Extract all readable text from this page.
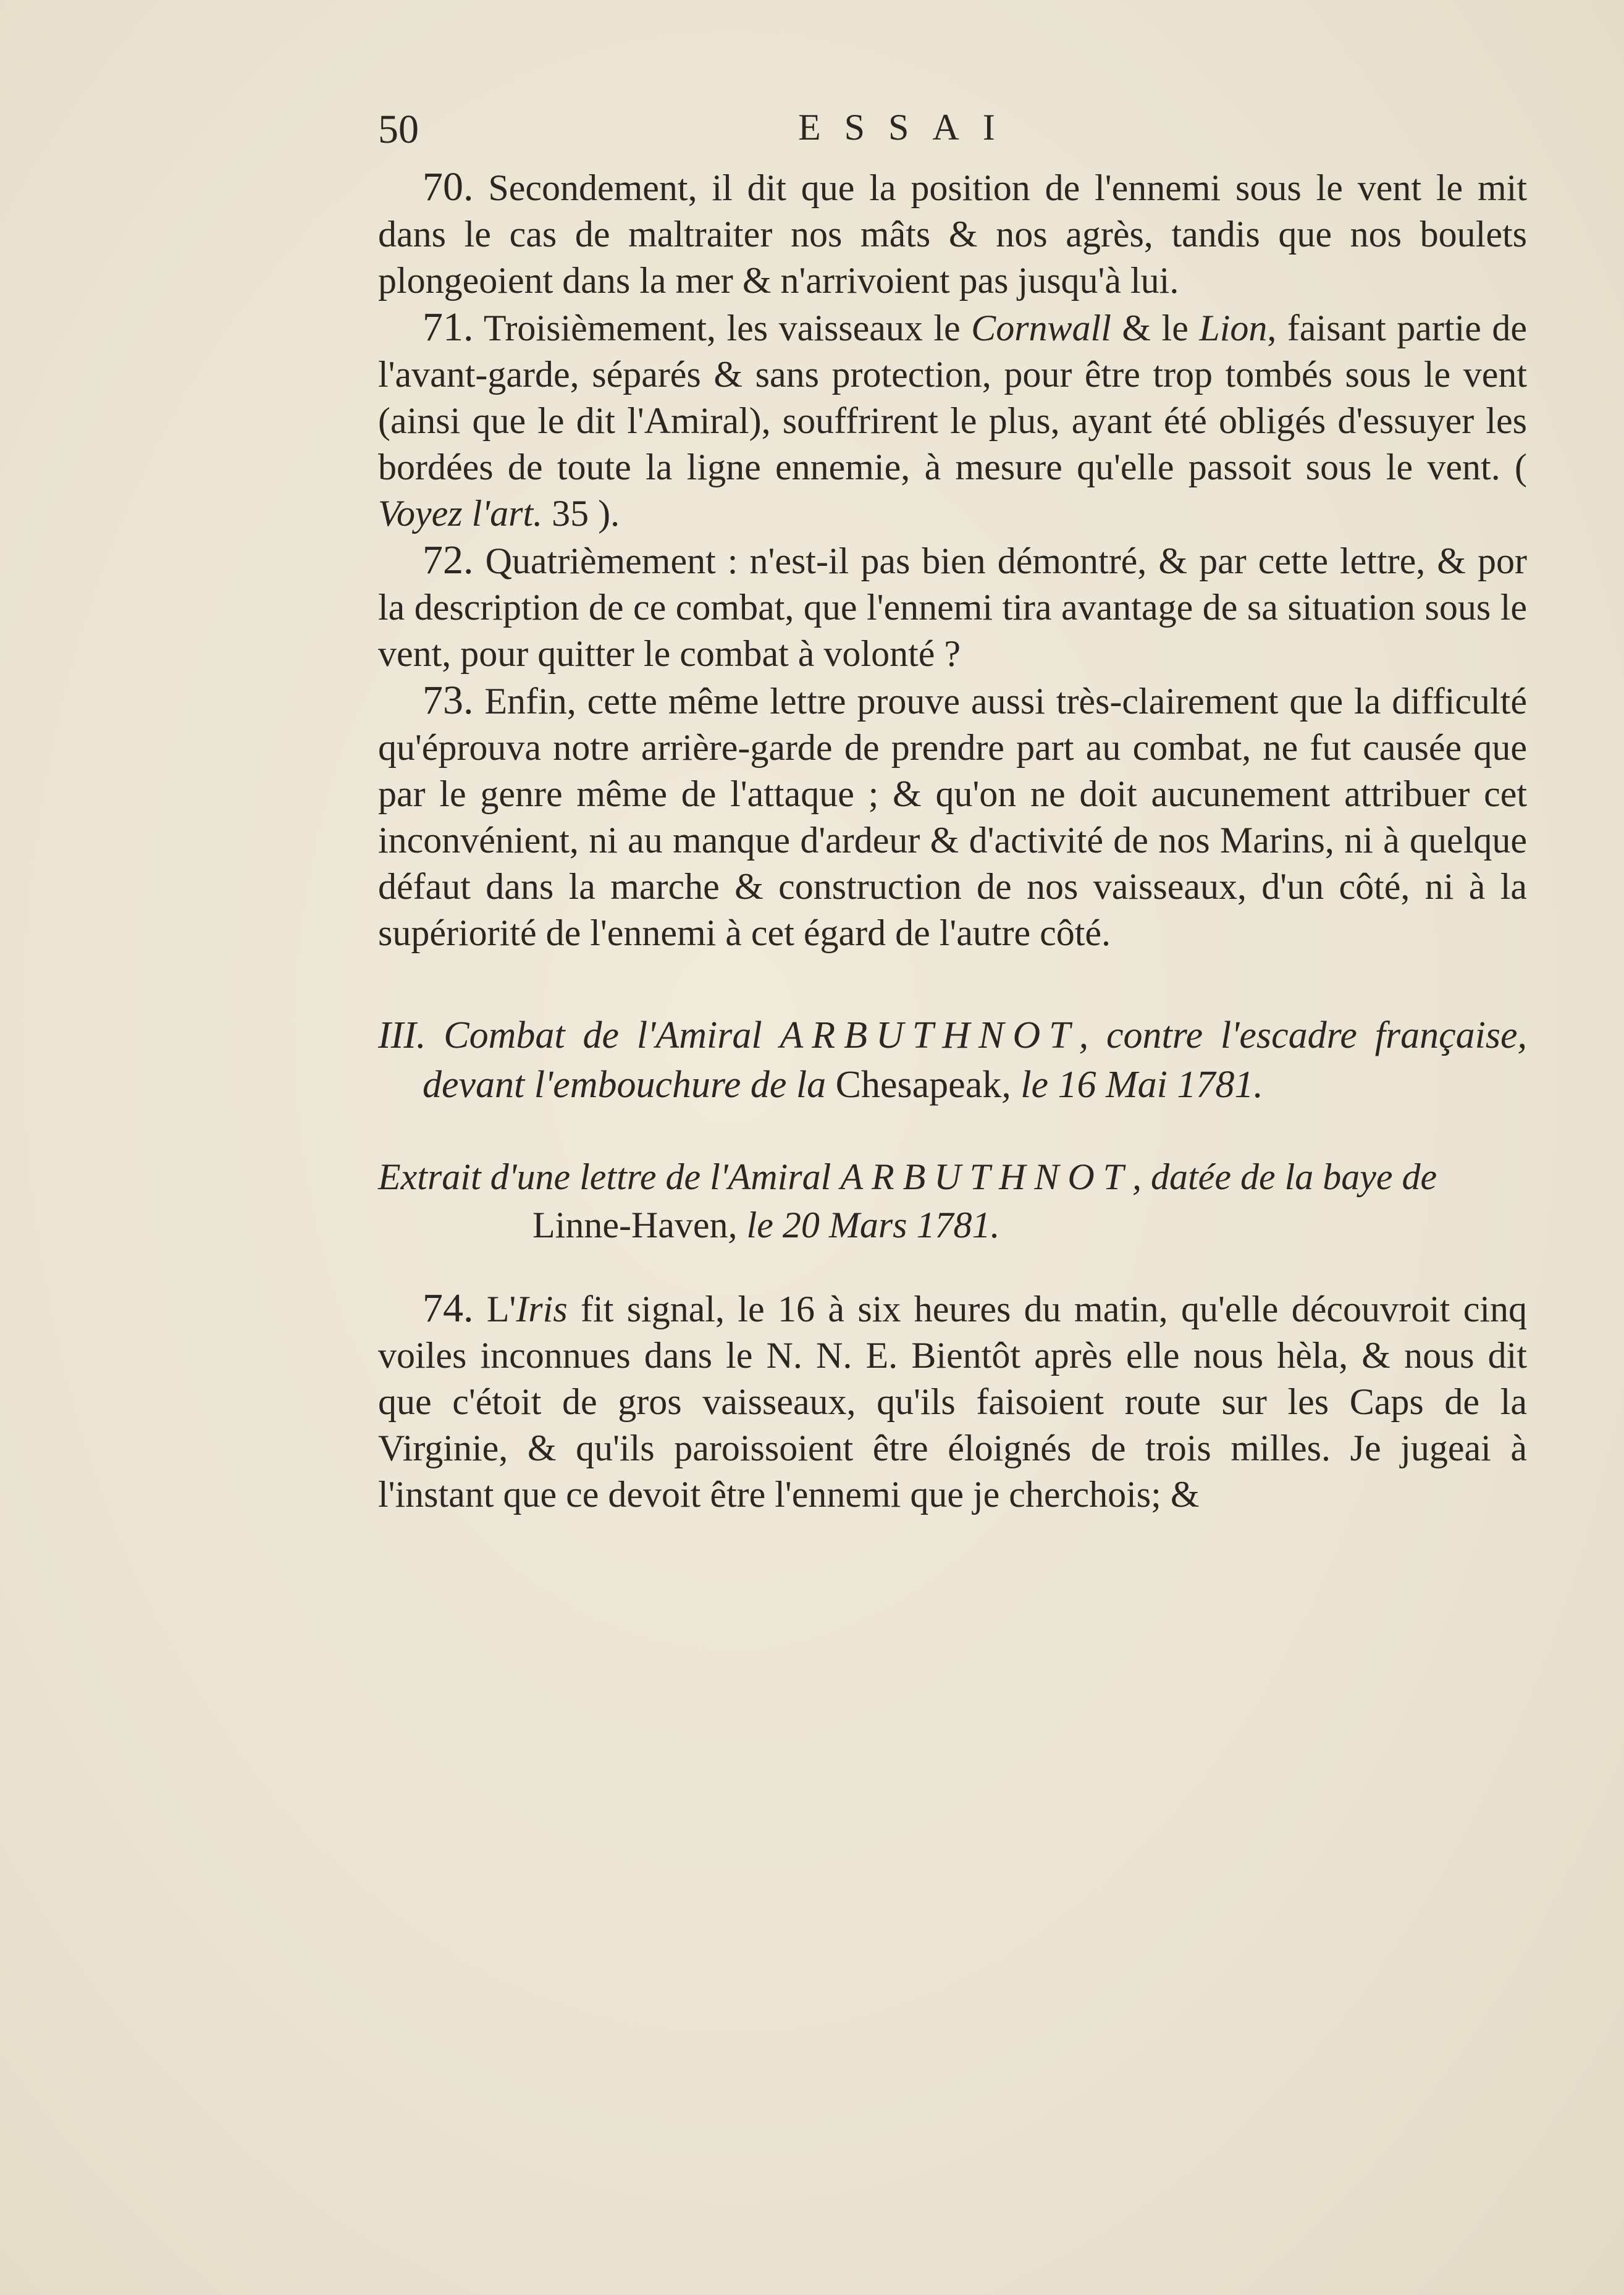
50	ESSAI

70. Secondement, il dit que la position de l'ennemi sous le vent le mit dans le cas de maltraiter nos mâts & nos agrès, tandis que nos boulets plongeoient dans la mer & n'arrivoient pas jusqu'à lui.

71. Troisièmement, les vaisseaux le Cornwall & le Lion, faisant partie de l'avant-garde, séparés & sans protection, pour être trop tombés sous le vent (ainsi que le dit l'Amiral), souffrirent le plus, ayant été obligés d'essuyer les bordées de toute la ligne ennemie, à mesure qu'elle passoit sous le vent. ( Voyez l'art. 35 ).

72. Quatrièmement : n'est-il pas bien démontré, & par cette lettre, & por la description de ce combat, que l'ennemi tira avantage de sa situation sous le vent, pour quitter le combat à volonté ?

73. Enfin, cette même lettre prouve aussi très-clairement que la difficulté qu'éprouva notre arrière-garde de prendre part au combat, ne fut causée que par le genre même de l'attaque ; & qu'on ne doit aucunement attribuer cet inconvénient, ni au manque d'ardeur & d'activité de nos Marins, ni à quelque défaut dans la marche & construction de nos vaisseaux, d'un côté, ni à la supériorité de l'ennemi à cet égard de l'autre côté.

III. Combat de l'Amiral ARBUTHNOT, contre l'escadre française, devant l'embouchure de la Chesapeak, le 16 Mai 1781.
Extrait d'une lettre de l'Amiral ARBUTHNOT, datée de la baye de Linne-Haven, le 20 Mars 1781.

74. L'Iris fit signal, le 16 à six heures du matin, qu'elle découvroit cinq voiles inconnues dans le N. N. E. Bientôt après elle nous hèla, & nous dit que c'étoit de gros vaisseaux, qu'ils faisoient route sur les Caps de la Virginie, & qu'ils paroissoient être éloignés de trois milles. Je jugeai à l'instant que ce devoit être l'ennemi que je cherchois; &
